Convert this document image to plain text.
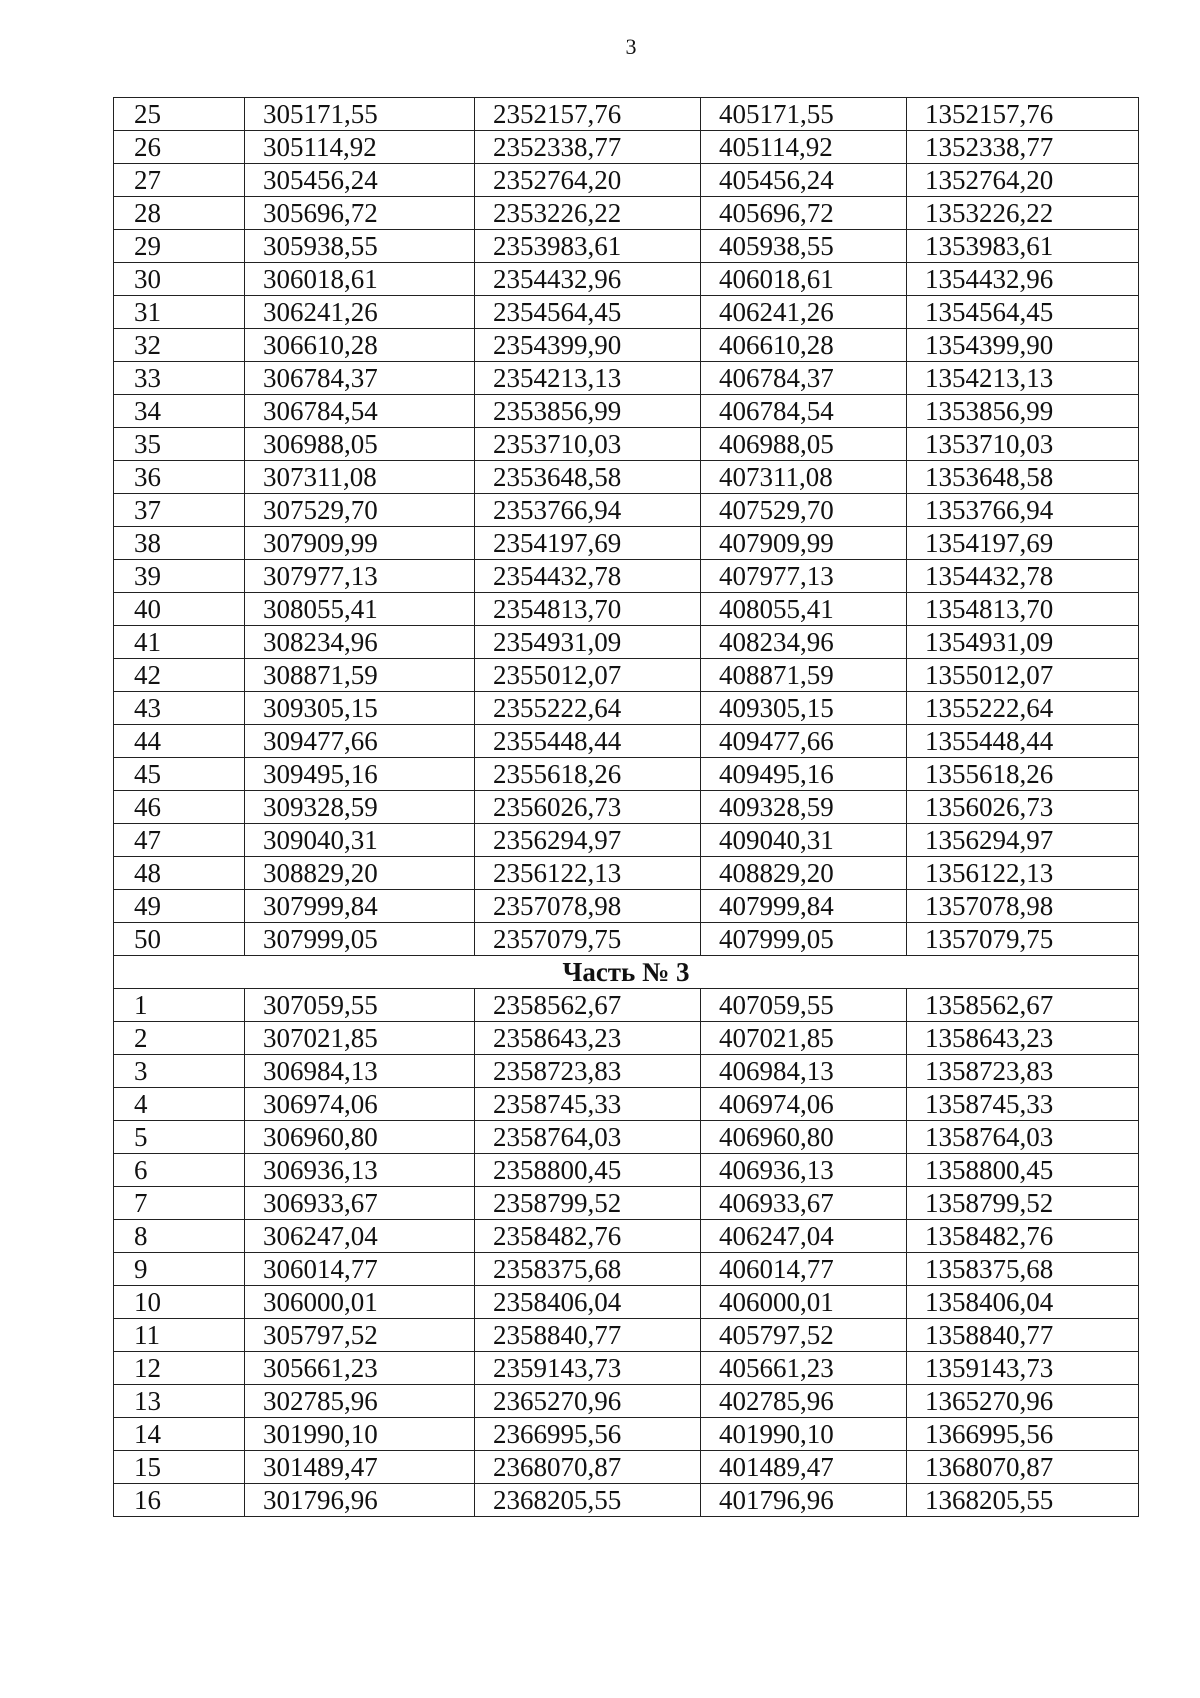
3
25	305171,55	2352157,76	405171,55	1352157,76
26	305114,92	2352338,77	405114,92	1352338,77
27	305456,24	2352764,20	405456,24	1352764,20
28	305696,72	2353226,22	405696,72	1353226,22
29	305938,55	2353983,61	405938,55	1353983,61
30	306018,61	2354432,96	406018,61	1354432,96
31	306241,26	2354564,45	406241,26	1354564,45
32	306610,28	2354399,90	406610,28	1354399,90
33	306784,37	2354213,13	406784,37	1354213,13
34	306784,54	2353856,99	406784,54	1353856,99
35	306988,05	2353710,03	406988,05	1353710,03
36	307311,08	2353648,58	407311,08	1353648,58
37	307529,70	2353766,94	407529,70	1353766,94
38	307909,99	2354197,69	407909,99	1354197,69
39	307977,13	2354432,78	407977,13	1354432,78
40	308055,41	2354813,70	408055,41	1354813,70
41	308234,96	2354931,09	408234,96	1354931,09
42	308871,59	2355012,07	408871,59	1355012,07
43	309305,15	2355222,64	409305,15	1355222,64
44	309477,66	2355448,44	409477,66	1355448,44
45	309495,16	2355618,26	409495,16	1355618,26
46	309328,59	2356026,73	409328,59	1356026,73
47	309040,31	2356294,97	409040,31	1356294,97
48	308829,20	2356122,13	408829,20	1356122,13
49	307999,84	2357078,98	407999,84	1357078,98
50	307999,05	2357079,75	407999,05	1357079,75
Часть № 3				
1	307059,55	2358562,67	407059,55	1358562,67
2	307021,85	2358643,23	407021,85	1358643,23
3	306984,13	2358723,83	406984,13	1358723,83
4	306974,06	2358745,33	406974,06	1358745,33
5	306960,80	2358764,03	406960,80	1358764,03
6	306936,13	2358800,45	406936,13	1358800,45
7	306933,67	2358799,52	406933,67	1358799,52
8	306247,04	2358482,76	406247,04	1358482,76
9	306014,77	2358375,68	406014,77	1358375,68
10	306000,01	2358406,04	406000,01	1358406,04
11	305797,52	2358840,77	405797,52	1358840,77
12	305661,23	2359143,73	405661,23	1359143,73
13	302785,96	2365270,96	402785,96	1365270,96
14	301990,10	2366995,56	401990,10	1366995,56
15	301489,47	2368070,87	401489,47	1368070,87
16	301796,96	2368205,55	401796,96	1368205,55
